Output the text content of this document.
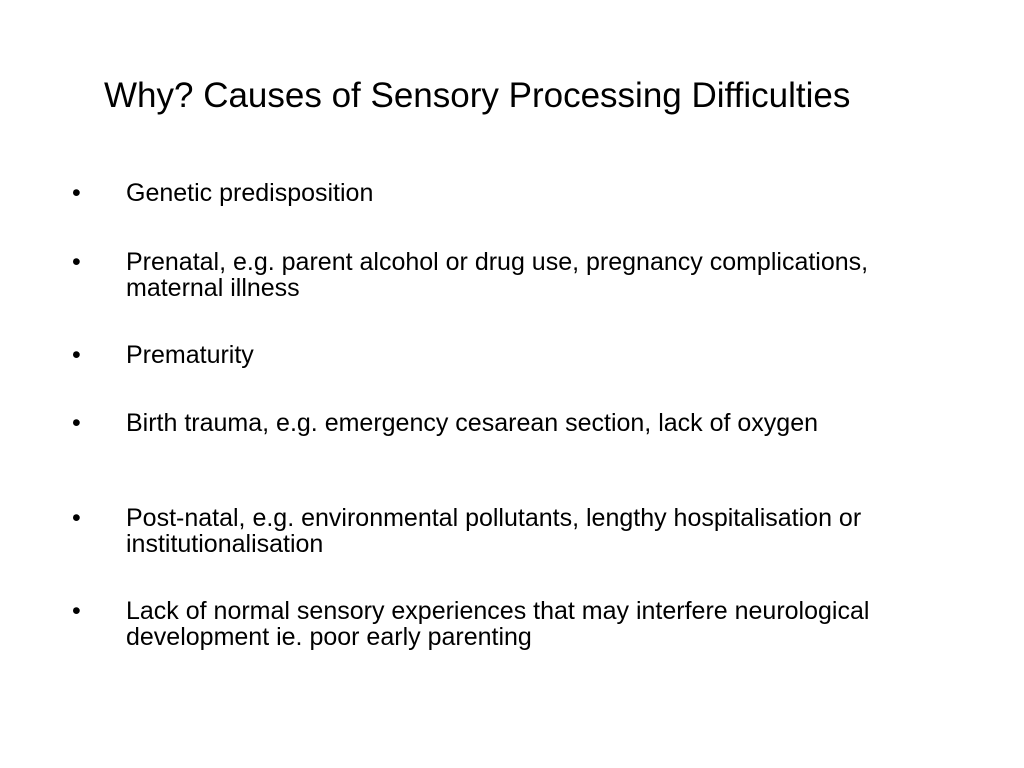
Why? Causes of Sensory Processing Difficulties
•	Genetic predisposition
•	Prenatal, e.g. parent alcohol or drug use, pregnancy complications, maternal illness
•	Prematurity
•	Birth trauma, e.g. emergency cesarean section, lack of oxygen
•	Post-natal, e.g. environmental pollutants, lengthy hospitalisation or institutionalisation
•	Lack of normal sensory experiences that may interfere neurological development ie. poor early parenting
